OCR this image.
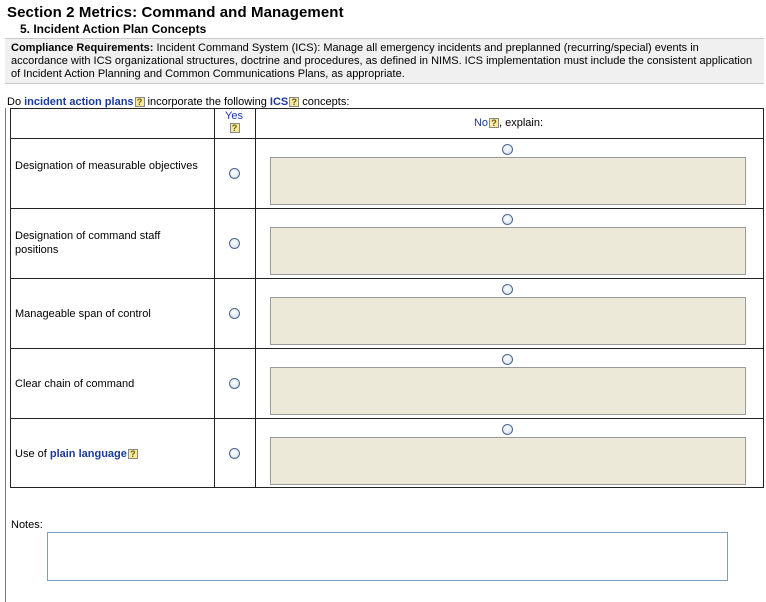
Section 2 Metrics: Command and Management
5. Incident Action Plan Concepts
Compliance Requirements: Incident Command System (ICS): Manage all emergency incidents and preplanned (recurring/special) events in accordance with ICS organizational structures, doctrine and procedures, as defined in NIMS. ICS implementation must include the consistent application of Incident Action Planning and Common Communications Plans, as appropriate.
Do incident action plans ? incorporate the following ICS ? concepts:
Yes
?	No ? , explain:
Designation of measurable objectives
Designation of command staff positions
Manageable span of control
Clear chain of command
Use of plain language ?
Notes:
